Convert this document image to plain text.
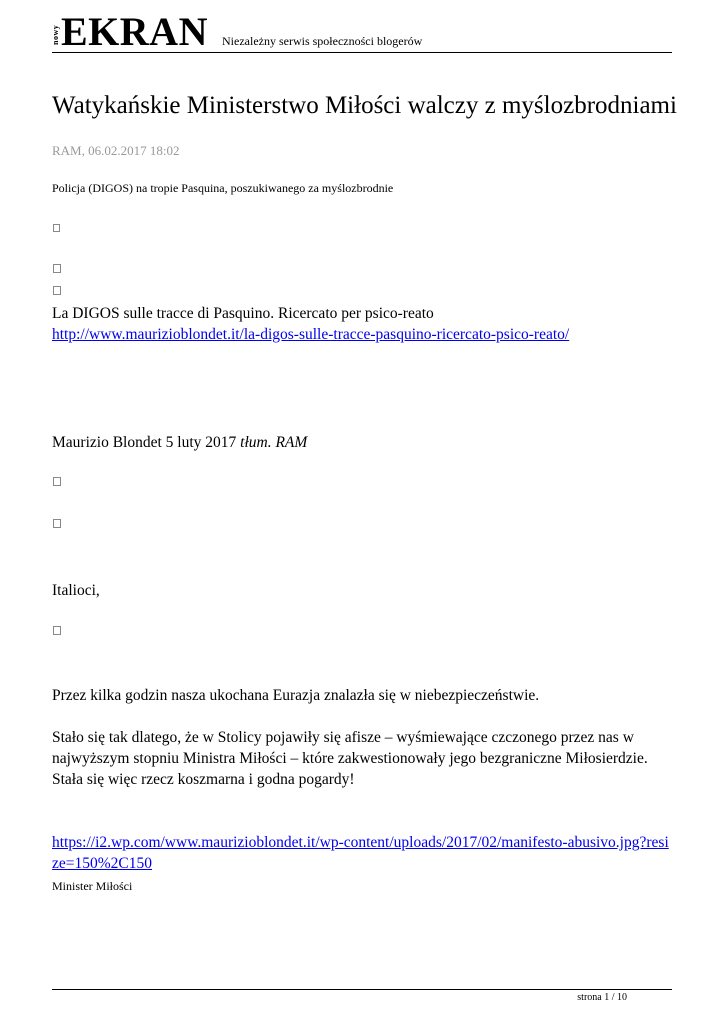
nowy EKRAN Niezależny serwis społeczności blogerów
Watykańskie Ministerstwo Miłości walczy z myślozbrodniami
RAM, 06.02.2017 18:02
Policja (DIGOS) na tropie Pasquina, poszukiwanego za myślozbrodnie
La DIGOS sulle tracce di Pasquino. Ricercato per psico-reato
http://www.maurizioblondet.it/la-digos-sulle-tracce-pasquino-ricercato-psico-reato/
Maurizio Blondet 5 luty 2017 tłum. RAM
Italioci,
Przez kilka godzin nasza ukochana Eurazja znalazła się w niebezpieczeństwie.
Stało się tak dlatego, że w Stolicy pojawiły się afisze – wyśmiewające czczonego przez nas w najwyższym stopniu Ministra Miłości – które zakwestionowały jego bezgraniczne Miłosierdzie. Stała się więc rzecz koszmarna i godna pogardy!
https://i2.wp.com/www.maurizioblondet.it/wp-content/uploads/2017/02/manifesto-abusivo.jpg?resize=150%2C150
Minister Miłości
strona 1 / 10
